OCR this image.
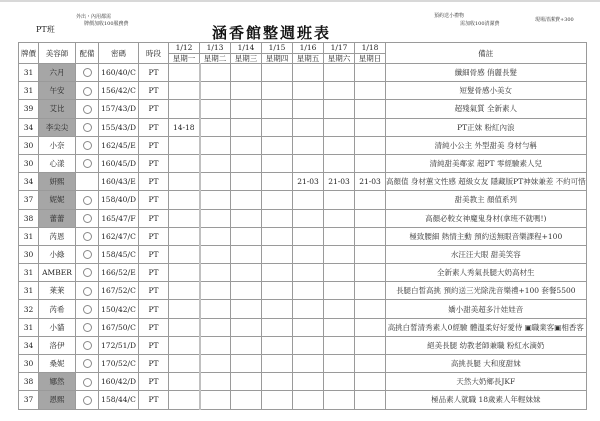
PT班
外出・內用都需
牌價加收100服務費	涵香館整週班表
預約送小禮物
需加收100清潔費
現場清潔費+300
牌價	美容師	配備	密碼	時段	1/12	1/13	1/14	1/15	1/16	1/17	1/18	備註
					星期一	星期二	星期三	星期四	星期五	星期六	星期日	
31	六月		160/40/C	PT								纖細骨感 俏麗長髮
31	午安		156/42/C	PT								短髮骨感小美女
39	艾比		157/43/D	PT								超殘氣質 全新素人
34	李尖尖		155/43/D	PT	14-18							PT正妹 粉紅內浪
30	小奈		162/45/E	PT								清純小公主 外型甜美 身材勻稱
30	心漾		160/45/D	PT								清純甜美鄰家 超PT 零經驗素人兒
34	妍熙		160/43/E	PT					21-03	21-03	21-03	高顏值 身材蕙文性感 超級女友 隱藏版PT神妹兼差 不約可惜
37	妮妮		158/40/D	PT								甜美教主 顏值系列
38	蕾蕾		165/47/F	PT								高顏必較女神魔鬼身材(拿班不就嗎!)
31	芮恩		162/47/C	PT								極致腰細 熱情主動 預約送無眼音樂課程+100
30	小綠		158/45/C	PT								水汪汪大眼 甜美笑容
31	AMBER		166/52/E	PT								全新素人秀氣長腿大奶高材生
31	莱莱		167/52/C	PT								長腿白皙高挑 預約送三光除洗音樂禮+100 套餐5500
32	芮希		150/42/C	PT								嬌小甜美超多汁娃娃音
31	小貓		167/50/C	PT								高挑白皙清秀素人0經驗 體溫柔好好愛侍 ▣職業客▣相香客
34	洛伊		172/51/D	PT								絕美長腿 幼教老師兼職 粉紅水滴奶
30	桑妮		170/52/C	PT								高挑長腿 大和度甜妹
38	娜然		160/42/D	PT								天然大奶鄉長JKF
37	恩熙		158/44/C	PT								極品素人就職 18歲素人年輕妹妹
